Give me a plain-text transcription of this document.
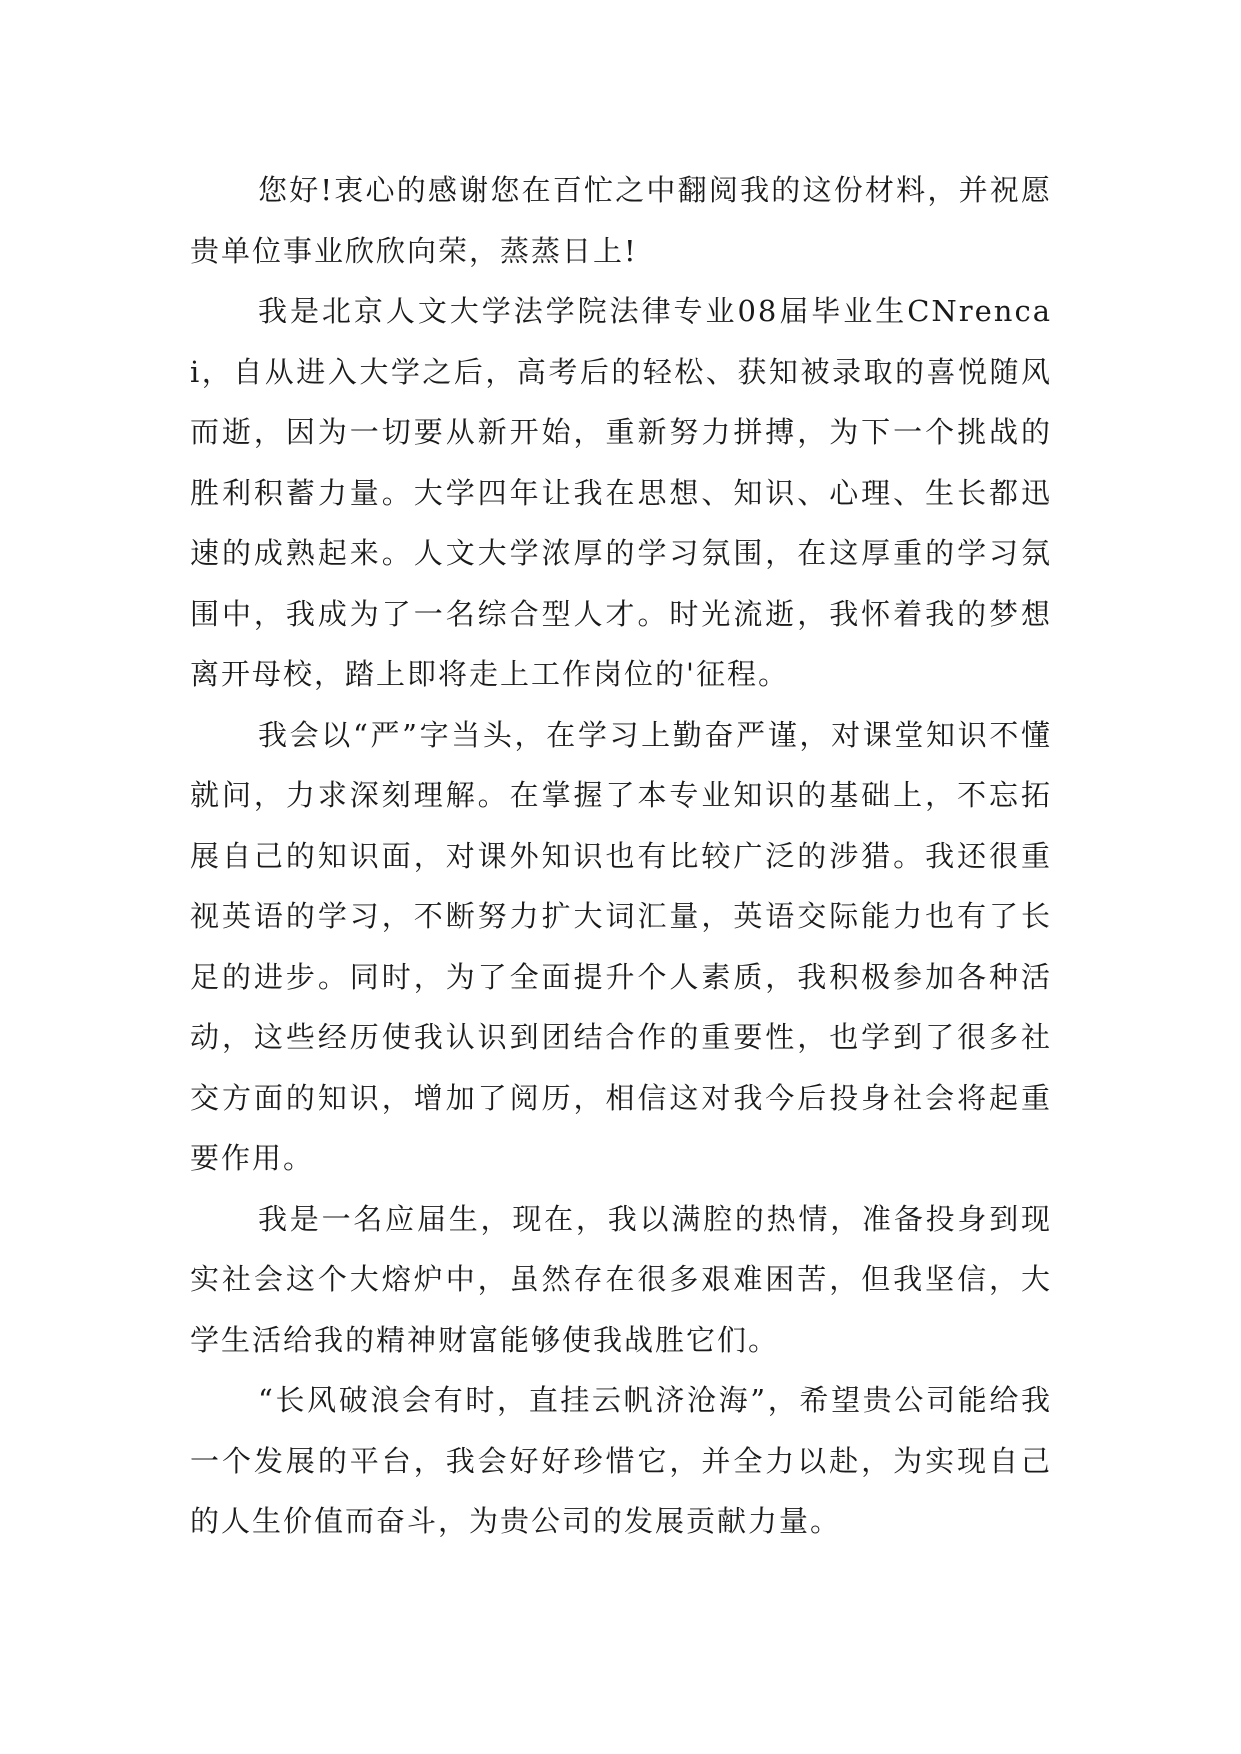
您好!衷心的感谢您在百忙之中翻阅我的这份材料，并祝愿贵单位事业欣欣向荣，蒸蒸日上!

我是北京人文大学法学院法律专业08届毕业生CNrencai，自从进入大学之后，高考后的轻松、获知被录取的喜悦随风而逝，因为一切要从新开始，重新努力拼搏，为下一个挑战的胜利积蓄力量。大学四年让我在思想、知识、心理、生长都迅速的成熟起来。人文大学浓厚的学习氛围，在这厚重的学习氛围中，我成为了一名综合型人才。时光流逝，我怀着我的梦想离开母校，踏上即将走上工作岗位的'征程。

我会以“严”字当头，在学习上勤奋严谨，对课堂知识不懂就问，力求深刻理解。在掌握了本专业知识的基础上，不忘拓展自己的知识面，对课外知识也有比较广泛的涉猎。我还很重视英语的学习，不断努力扩大词汇量，英语交际能力也有了长足的进步。同时，为了全面提升个人素质，我积极参加各种活动，这些经历使我认识到团结合作的重要性，也学到了很多社交方面的知识，增加了阅历，相信这对我今后投身社会将起重要作用。

我是一名应届生，现在，我以满腔的热情，准备投身到现实社会这个大熔炉中，虽然存在很多艰难困苦，但我坚信，大学生活给我的精神财富能够使我战胜它们。

“长风破浪会有时，直挂云帆济沧海”，希望贵公司能给我一个发展的平台，我会好好珍惜它，并全力以赴，为实现自己的人生价值而奋斗，为贵公司的发展贡献力量。
